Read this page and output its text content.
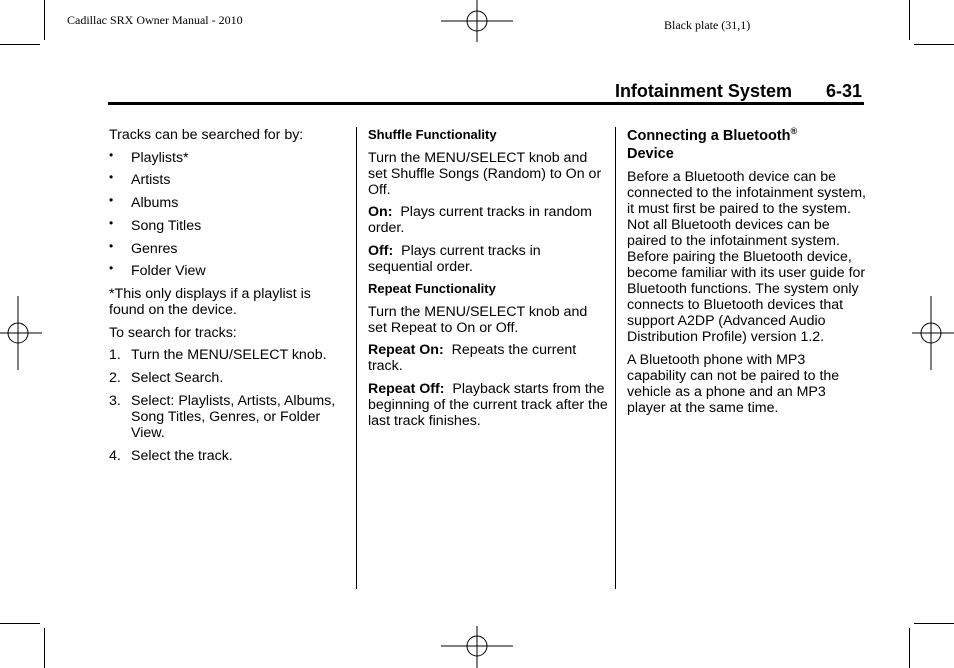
Cadillac SRX Owner Manual - 2010	Black plate (31,1)
Infotainment System 6-31

Tracks can be searched for by:

• Playlists*
• Artists
• Albums
• Song Titles
• Genres
• Folder View

*This only displays if a playlist is found on the device.

To search for tracks:

1. Turn the MENU/SELECT knob.
2. Select Search.
3. Select: Playlists, Artists, Albums, Song Titles, Genres, or Folder View.
4. Select the track.

Shuffle Functionality

Turn the MENU/SELECT knob and set Shuffle Songs (Random) to On or Off.

On: Plays current tracks in random order.

Off: Plays current tracks in sequential order.

Repeat Functionality

Turn the MENU/SELECT knob and set Repeat to On or Off.

Repeat On: Repeats the current track.

Repeat Off: Playback starts from the beginning of the current track after the last track finishes.

Connecting a Bluetooth®
Device

Before a Bluetooth device can be connected to the infotainment system, it must first be paired to the system. Not all Bluetooth devices can be paired to the infotainment system. Before pairing the Bluetooth device, become familiar with its user guide for Bluetooth functions. The system only connects to Bluetooth devices that support A2DP (Advanced Audio Distribution Profile) version 1.2.

A Bluetooth phone with MP3 capability can not be paired to the vehicle as a phone and an MP3 player at the same time.
